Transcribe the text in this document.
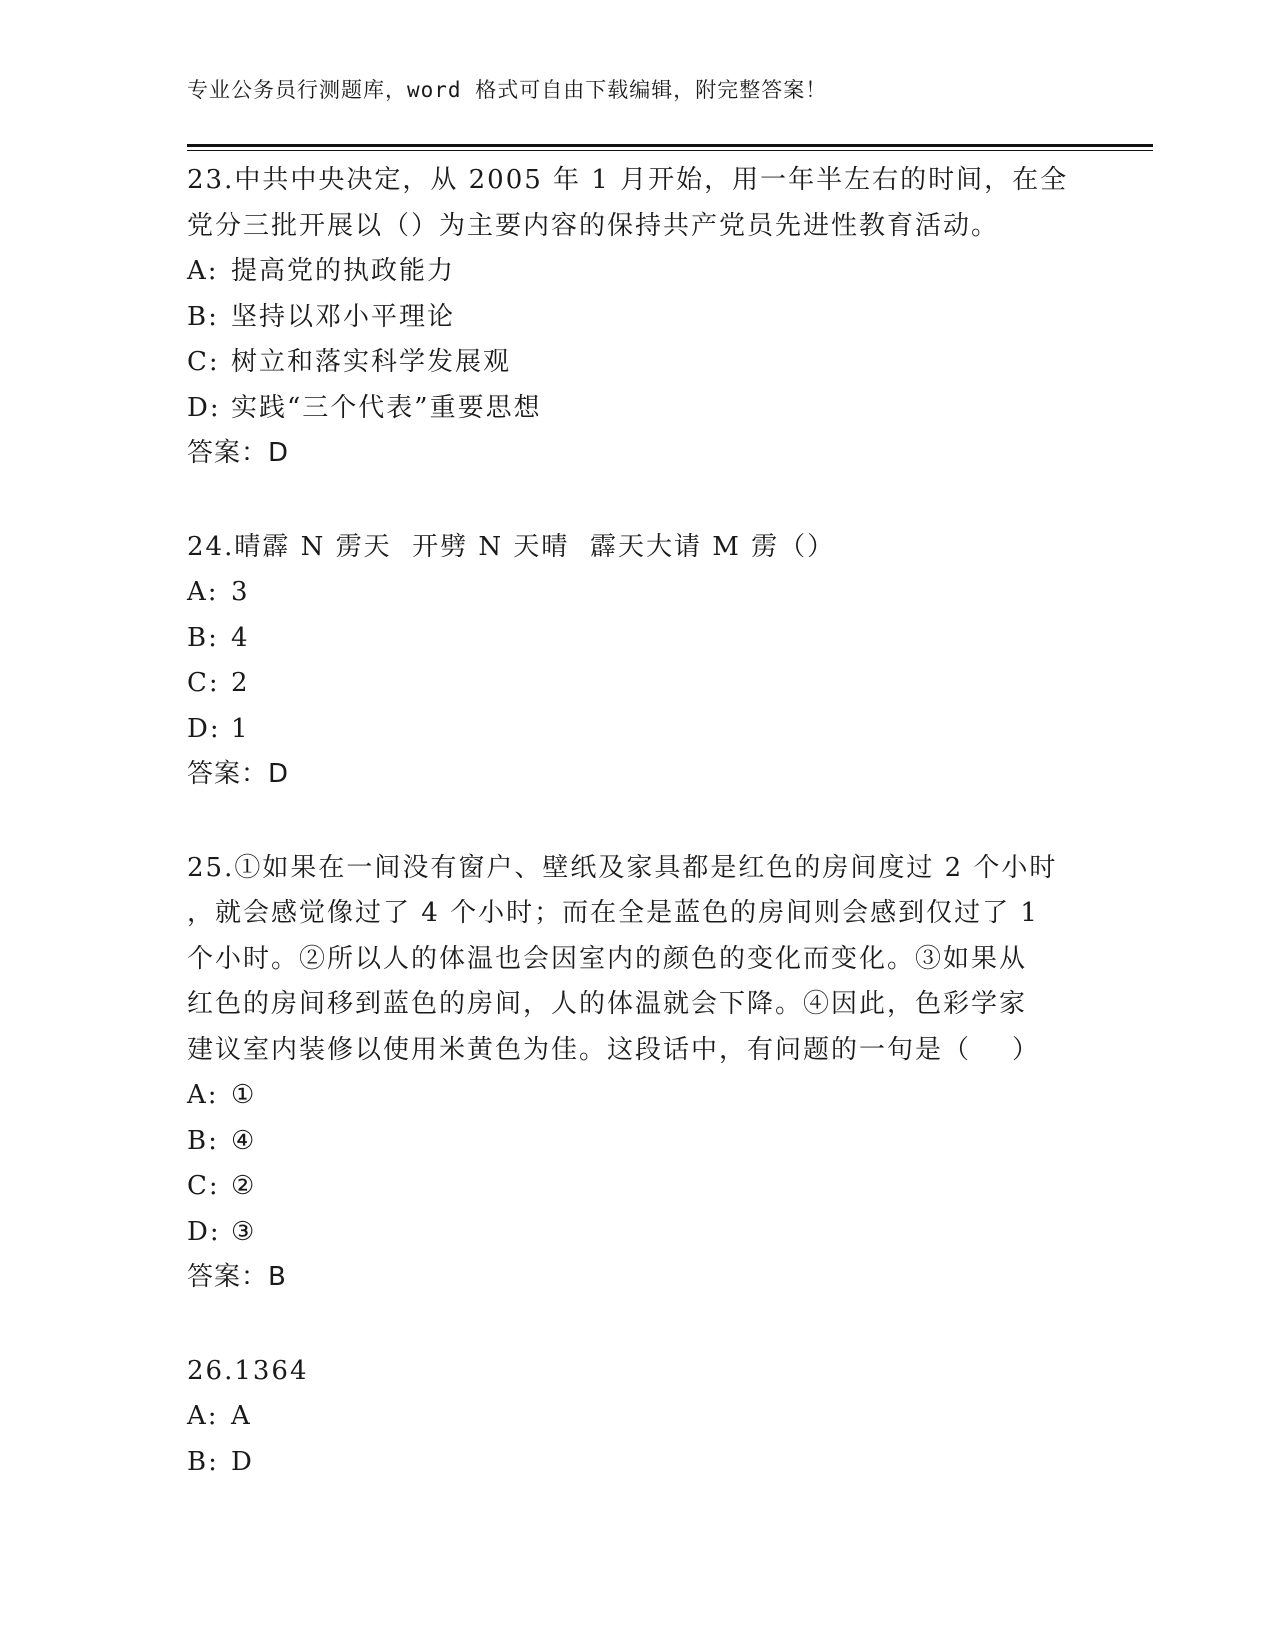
专业公务员行测题库，word 格式可自由下载编辑，附完整答案！

23.中共中央决定，从 2005 年 1 月开始，用一年半左右的时间，在全

党分三批开展以（）为主要内容的保持共产党员先进性教育活动。

A: 提高党的执政能力
B: 坚持以邓小平理论
C: 树立和落实科学发展观
D: 实践“三个代表”重要思想
答案：D

24.晴霹 N 雳天  开劈 N 天晴  霹天大请 M 雳（）

A: 3
B: 4
C: 2
D: 1
答案：D

25.①如果在一间没有窗户、壁纸及家具都是红色的房间度过 2 个小时

，就会感觉像过了 4 个小时；而在全是蓝色的房间则会感到仅过了 1

个小时。②所以人的体温也会因室内的颜色的变化而变化。③如果从

红色的房间移到蓝色的房间，人的体温就会下降。④因此，色彩学家

建议室内装修以使用米黄色为佳。这段话中，有问题的一句是（    ）

A: ①
B: ④
C: ②
D: ③
答案：B

26.1364

A: A
B: D
